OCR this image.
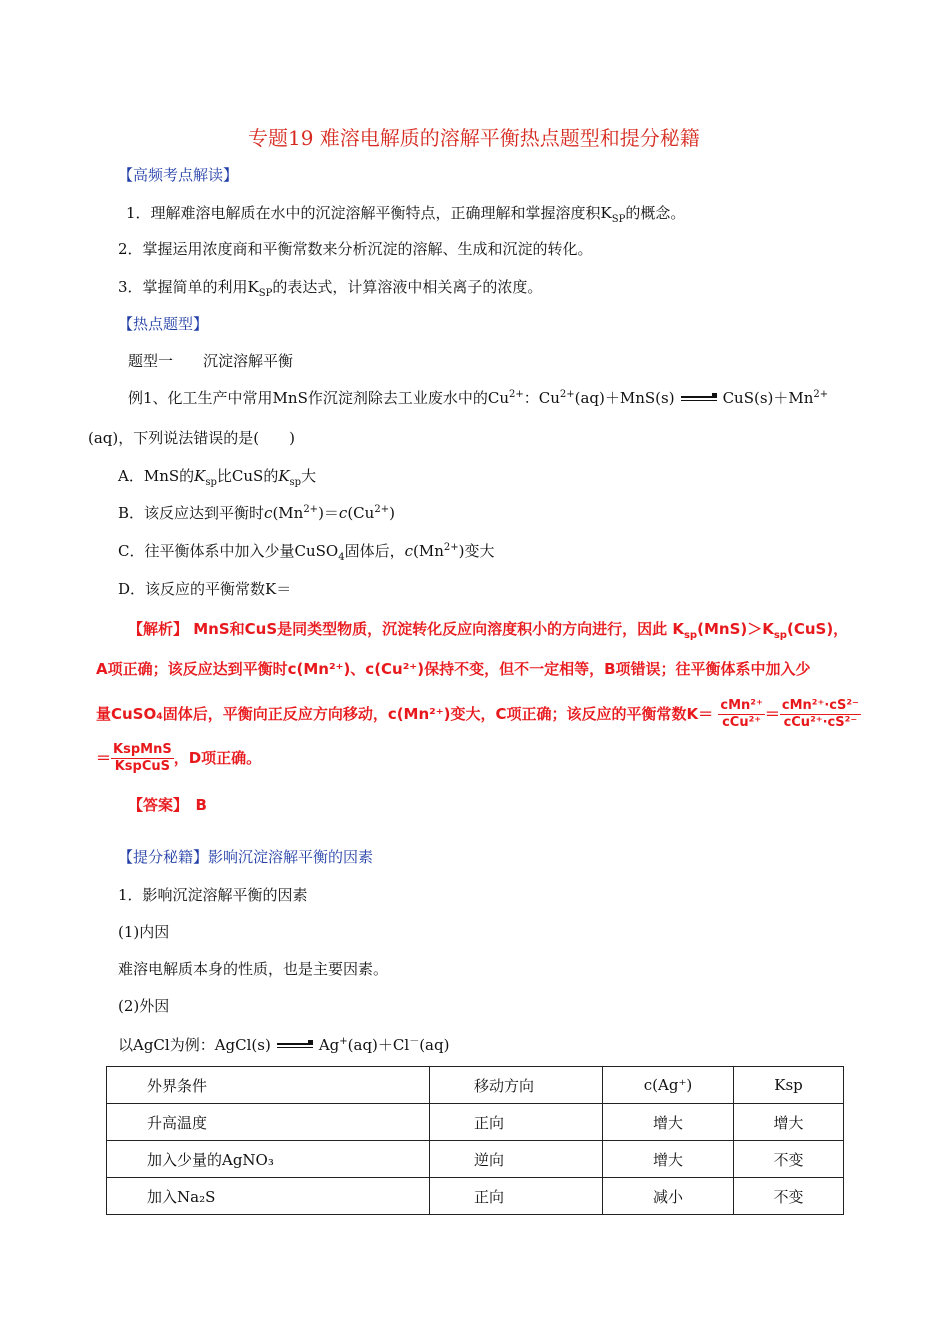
专题19 难溶电解质的溶解平衡热点题型和提分秘籍
【高频考点解读】
1．理解难溶电解质在水中的沉淀溶解平衡特点，正确理解和掌握溶度积$K_{SP}$的概念。
2．掌握运用浓度商和平衡常数来分析沉淀的溶解、生成和沉淀的转化。
3．掌握简单的利用$K_{SP}$的表达式，计算溶液中相关离子的浓度。
【热点题型】
题型一　　沉淀溶解平衡
例1、化工生产中常用MnS作沉淀剂除去工业废水中的$Cu^{2+}$：$Cu^{2+}(aq)+MnS(s) \to CuS(s)+Mn^{2+}$
(aq)，下列说法错误的是(　　)
A．MnS的$K_{sp}$比CuS的$K_{sp}$大
B．该反应达到平衡时$c(Mn^{2+})=c(Cu^{2+})$
C．往平衡体系中加入少量CuSO$_4$固体后，$c(Mn^{2+})$变大
D．该反应的平衡常数K＝
【解析】 MnS和CuS是同类型物质，沉淀转化反应向溶度积小的方向进行，因此 $K_{sp}(MnS)>K_{sp}(CuS)$，
A项正确；该反应达到平衡时c(Mn²⁺)、c(Cu²⁺)保持不变，但不一定相等，B项错误；往平衡体系中加入少
量CuSO₄固体后，平衡向正反应方向移动，c(Mn²⁺)变大，C项正确；该反应的平衡常数$K= \frac{\text{cMn²⁺}}{\text{cCu²⁺}} = \frac{\text{cMn²⁺·cS²⁻}}{\text{cCu²⁺·cS²⁻}}$
＝ $\frac{\text{KspMnS}}{\text{KspCuS}}$ ，D项正确。
【答案】　B
【提分秘籍】影响沉淀溶解平衡的因素
1．影响沉淀溶解平衡的因素
(1)内因
难溶电解质本身的性质，也是主要因素。
(2)外因
以AgCl为例：AgCl(s) → Ag+(aq)＋Cl－(aq)
外界条件	移动方向	c(Ag⁺)	Ksp
升高温度	正向	增大	增大
加入少量的AgNO₃	逆向	增大	不变
加入Na₂S	正向	减小	不变
